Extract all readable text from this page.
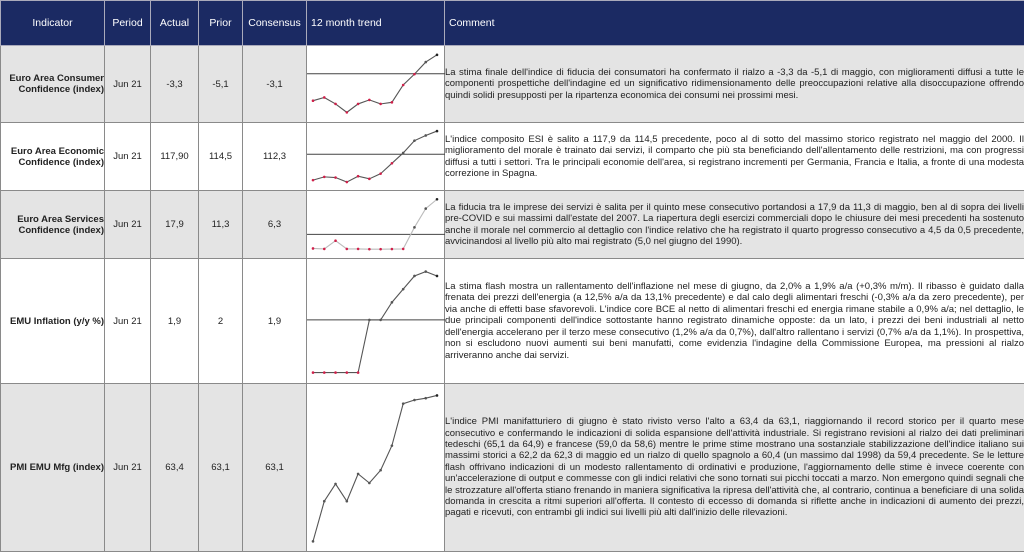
Indicator	Period	Actual	Prior	Consensus	12 month trend	Comment
Euro Area Consumer Confidence (index)	Jun 21	-3,3	-5,1	-3,1		La stima finale dell'indice di fiducia dei consumatori ha confermato il rialzo a -3,3 da -5,1 di maggio, con miglioramenti diffusi a tutte le componenti prospettiche dell'indagine ed un significativo ridimensionamento delle preoccupazioni relative alla disoccupazione offrendo quindi solidi presupposti per la ripartenza economica dei consumi nei prossimi mesi.
Euro Area Economic Confidence (index)	Jun 21	117,90	114,5	112,3		L'indice composito ESI è salito a 117,9 da 114,5 precedente, poco al di sotto del massimo storico registrato nel maggio del 2000. Il miglioramento del morale è trainato dai servizi, il comparto che più sta beneficiando dell'allentamento delle restrizioni, ma con progressi diffusi a tutti i settori. Tra le principali economie dell'area, si registrano incrementi per Germania, Francia e Italia, a fronte di una modesta correzione in Spagna.
Euro Area Services Confidence (index)	Jun 21	17,9	11,3	6,3		La fiducia tra le imprese dei servizi è salita per il quinto mese consecutivo portandosi a 17,9 da 11,3 di maggio, ben al di sopra dei livelli pre-COVID e sui massimi dall'estate del 2007. La riapertura degli esercizi commerciali dopo le chiusure dei mesi precedenti ha sostenuto anche il morale nel commercio al dettaglio con l'indice relativo che ha registrato il quarto progresso consecutivo a 4,5 da 0,5 precedente, avvicinandosi al livello più alto mai registrato (5,0 nel giugno del 1990).
EMU Inflation (y/y %)	Jun 21	1,9	2	1,9		La stima flash mostra un rallentamento dell'inflazione nel mese di giugno, da 2,0% a 1,9% a/a (+0,3% m/m). Il ribasso è guidato dalla frenata dei prezzi dell'energia (a 12,5% a/a da 13,1% precedente) e dal calo degli alimentari freschi (-0,3% a/a da zero precedente), per via anche di effetti base sfavorevoli. L'indice core BCE al netto di alimentari freschi ed energia rimane stabile a 0,9% a/a; nel dettaglio, le due principali componenti dell'indice sottostante hanno registrato dinamiche opposte: da un lato, i prezzi dei beni industriali al netto dell'energia accelerano per il terzo mese consecutivo (1,2% a/a da 0,7%), dall'altro rallentano i servizi (0,7% a/a da 1,1%). In prospettiva, non si escludono nuovi aumenti sui beni manufatti, come evidenzia l'indagine della Commissione Europea, ma pressioni al rialzo arriveranno anche dai servizi.
PMI EMU Mfg (index)	Jun 21	63,4	63,1	63,1		L'indice PMI manifatturiero di giugno è stato rivisto verso l'alto a 63,4 da 63,1, riaggiornando il record storico per il quarto mese consecutivo e confermando le indicazioni di solida espansione dell'attività industriale. Si registrano revisioni al rialzo dei dati preliminari tedeschi (65,1 da 64,9) e francese (59,0 da 58,6) mentre le prime stime mostrano una sostanziale stabilizzazione dell'indice italiano sui massimi storici a 62,2 da 62,3 di maggio ed un rialzo di quello spagnolo a 60,4 (un massimo dal 1998) da 59,4 precedente. Se le letture flash offrivano indicazioni di un modesto rallentamento di ordinativi e produzione, l'aggiornamento delle stime è invece coerente con un'accelerazione di output e commesse con gli indici relativi che sono tornati sui picchi toccati a marzo. Non emergono quindi segnali che le strozzature all'offerta stiano frenando in maniera significativa la ripresa dell'attività che, al contrario, continua a beneficiare di una solida domanda in crescita a ritmi superiori all'offerta. Il contesto di eccesso di domanda si riflette anche in indicazioni di aumento dei prezzi, pagati e ricevuti, con entrambi gli indici sui livelli più alti dall'inizio delle rilevazioni.
